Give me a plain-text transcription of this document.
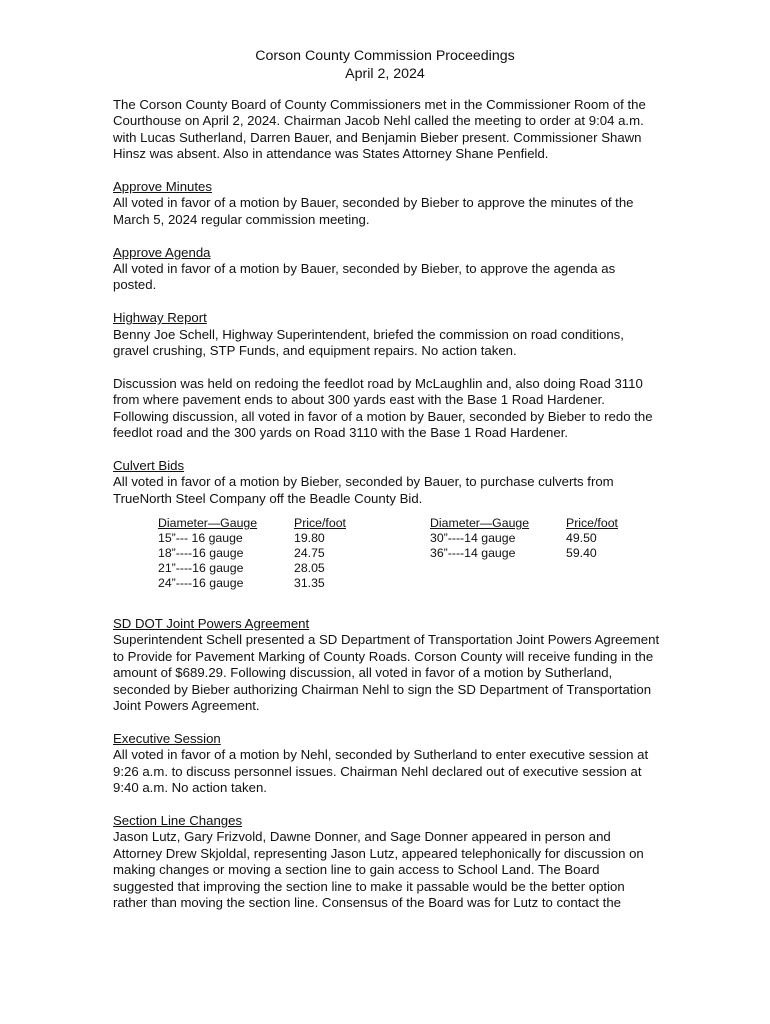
Corson County Commission Proceedings
April 2, 2024

The Corson County Board of County Commissioners met in the Commissioner Room of the Courthouse on April 2, 2024. Chairman Jacob Nehl called the meeting to order at 9:04 a.m. with Lucas Sutherland, Darren Bauer, and Benjamin Bieber present. Commissioner Shawn Hinsz was absent. Also in attendance was States Attorney Shane Penfield.

Approve Minutes
All voted in favor of a motion by Bauer, seconded by Bieber to approve the minutes of the March 5, 2024 regular commission meeting.

Approve Agenda
All voted in favor of a motion by Bauer, seconded by Bieber, to approve the agenda as posted.

Highway Report
Benny Joe Schell, Highway Superintendent, briefed the commission on road conditions, gravel crushing, STP Funds, and equipment repairs. No action taken.

Discussion was held on redoing the feedlot road by McLaughlin and, also doing Road 3110 from where pavement ends to about 300 yards east with the Base 1 Road Hardener. Following discussion, all voted in favor of a motion by Bauer, seconded by Bieber to redo the feedlot road and the 300 yards on Road 3110 with the Base 1 Road Hardener.

Culvert Bids
All voted in favor of a motion by Bieber, seconded by Bauer, to purchase culverts from TrueNorth Steel Company off the Beadle County Bid.
Diameter—Gauge	Price/foot
15”--- 16 gauge	19.80
18”----16 gauge	24.75
21”----16 gauge	28.05
24”----16 gauge	31.35
Diameter—Gauge	Price/foot
30”----14 gauge	49.50
36”----14 gauge	59.40

SD DOT Joint Powers Agreement
Superintendent Schell presented a SD Department of Transportation Joint Powers Agreement to Provide for Pavement Marking of County Roads. Corson County will receive funding in the amount of $689.29. Following discussion, all voted in favor of a motion by Sutherland, seconded by Bieber authorizing Chairman Nehl to sign the SD Department of Transportation Joint Powers Agreement.

Executive Session
All voted in favor of a motion by Nehl, seconded by Sutherland to enter executive session at 9:26 a.m. to discuss personnel issues. Chairman Nehl declared out of executive session at 9:40 a.m. No action taken.

Section Line Changes
Jason Lutz, Gary Frizvold, Dawne Donner, and Sage Donner appeared in person and Attorney Drew Skjoldal, representing Jason Lutz, appeared telephonically for discussion on making changes or moving a section line to gain access to School Land. The Board suggested that improving the section line to make it passable would be the better option rather than moving the section line. Consensus of the Board was for Lutz to contact the
